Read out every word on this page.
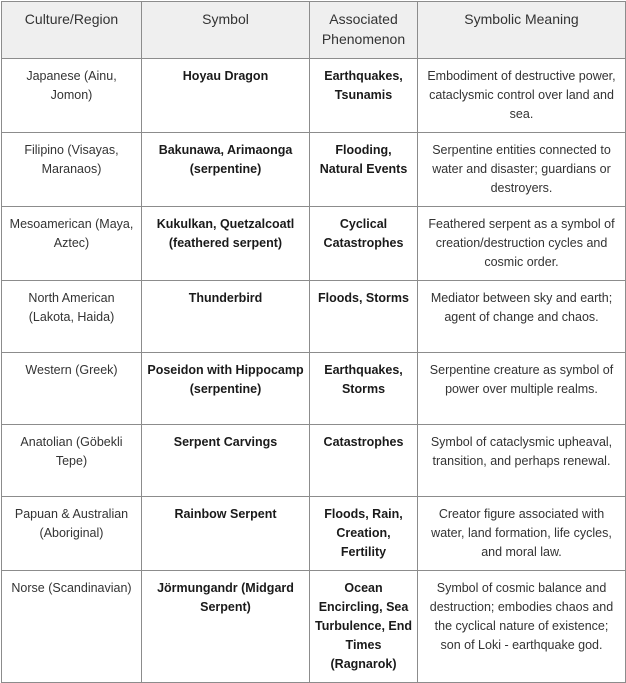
Culture/Region	Symbol	Associated Phenomenon	Symbolic Meaning
Japanese (Ainu, Jomon)	Hoyau Dragon	Earthquakes, Tsunamis	Embodiment of destructive power, cataclysmic control over land and sea.
Filipino (Visayas, Maranaos)	Bakunawa, Arimaonga (serpentine)	Flooding, Natural Events	Serpentine entities connected to water and disaster; guardians or destroyers.
Mesoamerican (Maya, Aztec)	Kukulkan, Quetzalcoatl (feathered serpent)	Cyclical Catastrophes	Feathered serpent as a symbol of creation/destruction cycles and cosmic order.
North American (Lakota, Haida)	Thunderbird	Floods, Storms	Mediator between sky and earth; agent of change and chaos.
Western (Greek)	Poseidon with Hippocamp (serpentine)	Earthquakes, Storms	Serpentine creature as symbol of power over multiple realms.
Anatolian (Göbekli Tepe)	Serpent Carvings	Catastrophes	Symbol of cataclysmic upheaval, transition, and perhaps renewal.
Papuan & Australian (Aboriginal)	Rainbow Serpent	Floods, Rain, Creation, Fertility	Creator figure associated with water, land formation, life cycles, and moral law.
Norse (Scandinavian)	Jörmungandr (Midgard Serpent)	Ocean Encircling, Sea Turbulence, End Times (Ragnarok)	Symbol of cosmic balance and destruction; embodies chaos and the cyclical nature of existence; son of Loki - earthquake god.
